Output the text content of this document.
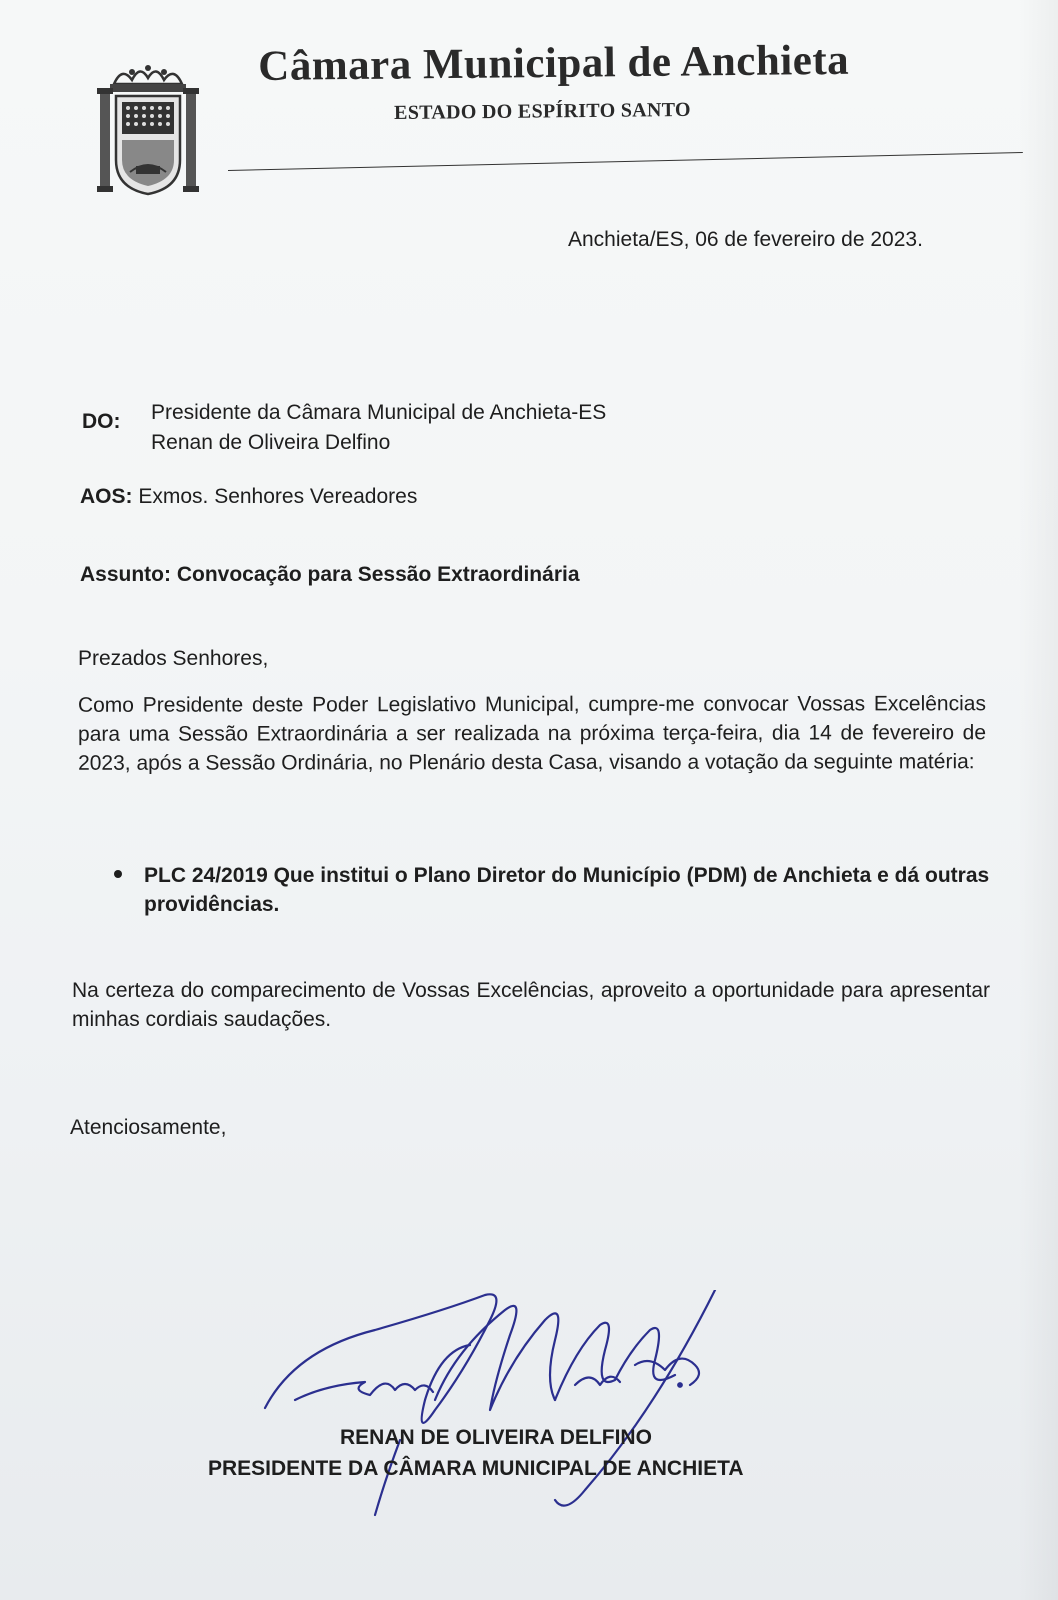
Câmara Municipal de Anchieta
ESTADO DO ESPÍRITO SANTO
Anchieta/ES, 06 de fevereiro de 2023.
DO: Presidente da Câmara Municipal de Anchieta-ES
Renan de Oliveira Delfino
AOS: Exmos. Senhores Vereadores
Assunto: Convocação para Sessão Extraordinária
Prezados Senhores,
Como Presidente deste Poder Legislativo Municipal, cumpre-me convocar Vossas Excelências para uma Sessão Extraordinária a ser realizada na próxima terça-feira, dia 14 de fevereiro de 2023, após a Sessão Ordinária, no Plenário desta Casa, visando a votação da seguinte matéria:
PLC 24/2019 Que institui o Plano Diretor do Município (PDM) de Anchieta e dá outras providências.
Na certeza do comparecimento de Vossas Excelências, aproveito a oportunidade para apresentar minhas cordiais saudações.
Atenciosamente,
RENAN DE OLIVEIRA DELFINO
PRESIDENTE DA CÂMARA MUNICIPAL DE ANCHIETA
